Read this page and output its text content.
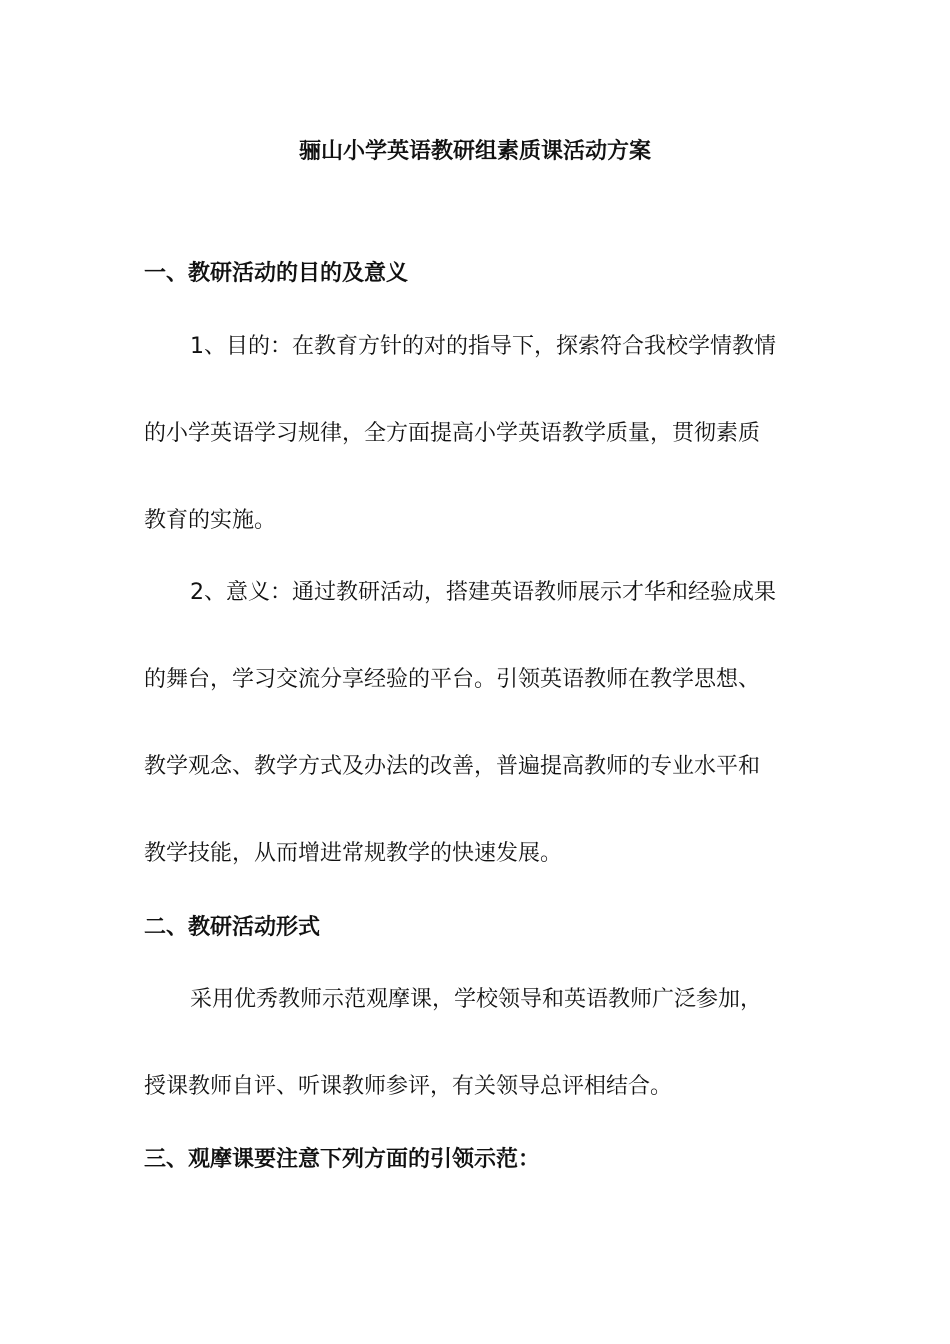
骊山小学英语教研组素质课活动方案
一、教研活动的目的及意义
1、目的：在教育方针的对的指导下，探索符合我校学情教情
的小学英语学习规律，全方面提高小学英语教学质量，贯彻素质
教育的实施。
2、意义：通过教研活动，搭建英语教师展示才华和经验成果
的舞台，学习交流分享经验的平台。引领英语教师在教学思想、
教学观念、教学方式及办法的改善，普遍提高教师的专业水平和
教学技能，从而增进常规教学的快速发展。
二、教研活动形式
采用优秀教师示范观摩课，学校领导和英语教师广泛参加，
授课教师自评、听课教师参评，有关领导总评相结合。
三、观摩课要注意下列方面的引领示范：
